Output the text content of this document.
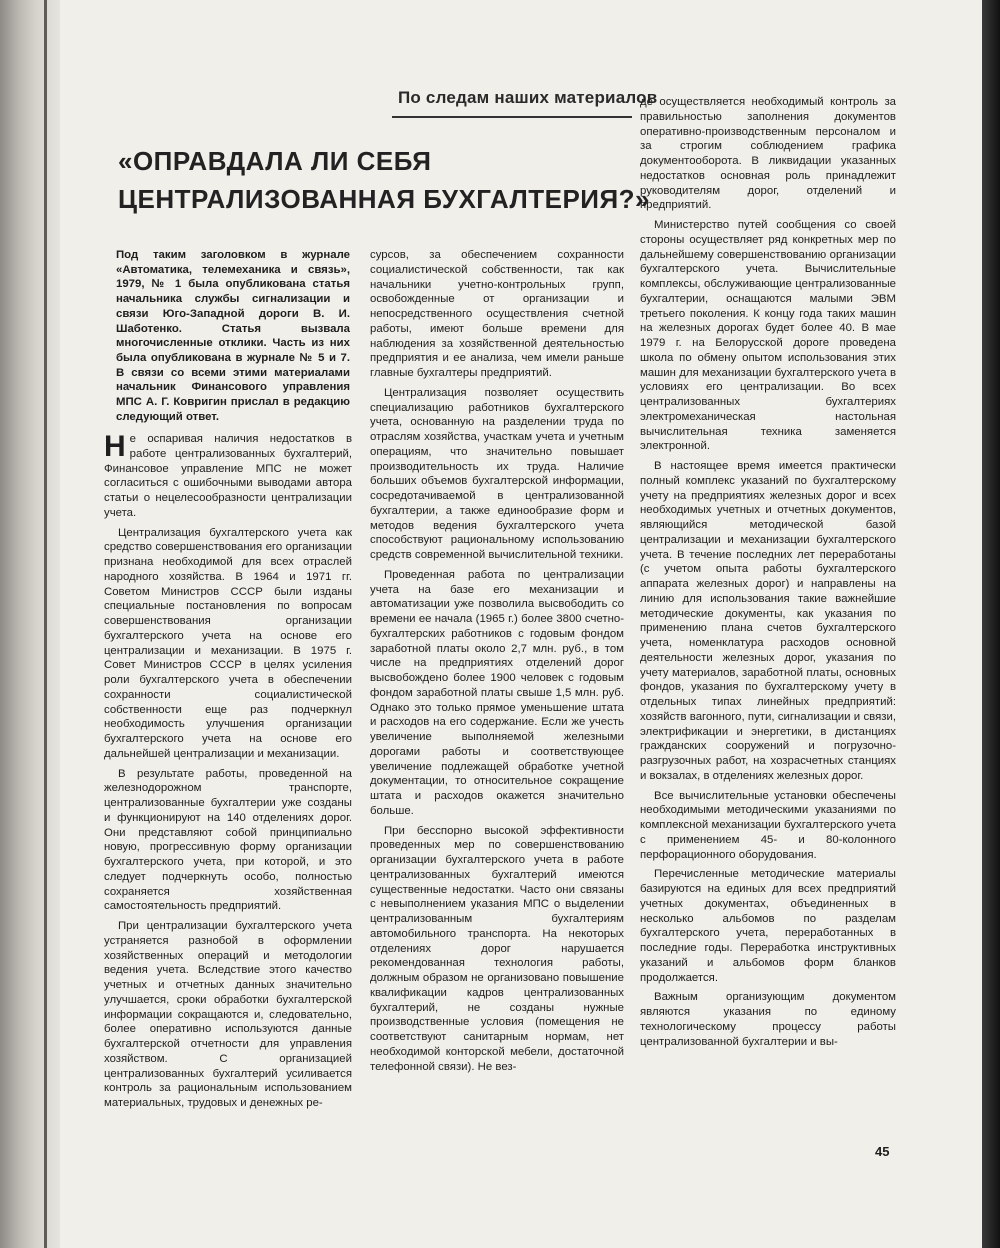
По следам наших материалов
«ОПРАВДАЛА ЛИ СЕБЯ
ЦЕНТРАЛИЗОВАННАЯ БУХГАЛТЕРИЯ?»

Под таким заголовком в журнале «Автоматика, телемеханика и связь», 1979, № 1 была опубликована статья начальника службы сигнализации и связи Юго-Западной дороги В. И. Шаботенко. Статья вызвала многочисленные отклики. Часть из них была опубликована в журнале № 5 и 7. В связи со всеми этими материалами начальник Финансового управления МПС А. Г. Ковригин прислал в редакцию следующий ответ.

Не оспаривая наличия недостатков в работе централизованных бухгалтерий, Финансовое управление МПС не может согласиться с ошибочными выводами автора статьи о нецелесообразности централизации учета.

Централизация бухгалтерского учета как средство совершенствования его организации признана необходимой для всех отраслей народного хозяйства. В 1964 и 1971 гг. Советом Министров СССР были изданы специальные постановления по вопросам совершенствования организации бухгалтерского учета на основе его централизации и механизации. В 1975 г. Совет Министров СССР в целях усиления роли бухгалтерского учета в обеспечении сохранности социалистической собственности еще раз подчеркнул необходимость улучшения организации бухгалтерского учета на основе его дальнейшей централизации и механизации.

В результате работы, проведенной на железнодорожном транспорте, централизованные бухгалтерии уже созданы и функционируют на 140 отделениях дорог. Они представляют собой принципиально новую, прогрессивную форму организации бухгалтерского учета, при которой, и это следует подчеркнуть особо, полностью сохраняется хозяйственная самостоятельность предприятий.

При централизации бухгалтерского учета устраняется разнобой в оформлении хозяйственных операций и методологии ведения учета. Вследствие этого качество учетных и отчетных данных значительно улучшается, сроки обработки бухгалтерской информации сокращаются и, следовательно, более оперативно используются данные бухгалтерской отчетности для управления хозяйством. С организацией централизованных бухгалтерий усиливается контроль за рациональным использованием материальных, трудовых и денежных ре-

сурсов, за обеспечением сохранности социалистической собственности, так как начальники учетно-контрольных групп, освобожденные от организации и непосредственного осуществления счетной работы, имеют больше времени для наблюдения за хозяйственной деятельностью предприятия и ее анализа, чем имели раньше главные бухгалтеры предприятий.

Централизация позволяет осуществить специализацию работников бухгалтерского учета, основанную на разделении труда по отраслям хозяйства, участкам учета и учетным операциям, что значительно повышает производительность их труда. Наличие больших объемов бухгалтерской информации, сосредотачиваемой в централизованной бухгалтерии, а также единообразие форм и методов ведения бухгалтерского учета способствуют рациональному использованию средств современной вычислительной техники.

Проведенная работа по централизации учета на базе его механизации и автоматизации уже позволила высвободить со времени ее начала (1965 г.) более 3800 счетно-бухгалтерских работников с годовым фондом заработной платы около 2,7 млн. руб., в том числе на предприятиях отделений дорог высвобождено более 1900 человек с годовым фондом заработной платы свыше 1,5 млн. руб. Однако это только прямое уменьшение штата и расходов на его содержание. Если же учесть увеличение выполняемой железными дорогами работы и соответствующее увеличение подлежащей обработке учетной документации, то относительное сокращение штата и расходов окажется значительно больше.

При бесспорно высокой эффективности проведенных мер по совершенствованию организации бухгалтерского учета в работе централизованных бухгалтерий имеются существенные недостатки. Часто они связаны с невыполнением указания МПС о выделении централизованным бухгалтериям автомобильного транспорта. На некоторых отделениях дорог нарушается рекомендованная технология работы, должным образом не организовано повышение квалификации кадров централизованных бухгалтерий, не созданы нужные производственные условия (помещения не соответствуют санитарным нормам, нет необходимой конторской мебели, достаточной телефонной связи). Не вез-

де осуществляется необходимый контроль за правильностью заполнения документов оперативно-производственным персоналом и за строгим соблюдением графика документооборота. В ликвидации указанных недостатков основная роль принадлежит руководителям дорог, отделений и предприятий.

Министерство путей сообщения со своей стороны осуществляет ряд конкретных мер по дальнейшему совершенствованию организации бухгалтерского учета. Вычислительные комплексы, обслуживающие централизованные бухгалтерии, оснащаются малыми ЭВМ третьего поколения. К концу года таких машин на железных дорогах будет более 40. В мае 1979 г. на Белорусской дороге проведена школа по обмену опытом использования этих машин для механизации бухгалтерского учета в условиях его централизации. Во всех централизованных бухгалтериях электромеханическая настольная вычислительная техника заменяется электронной.

В настоящее время имеется практически полный комплекс указаний по бухгалтерскому учету на предприятиях железных дорог и всех необходимых учетных и отчетных документов, являющийся методической базой централизации и механизации бухгалтерского учета. В течение последних лет переработаны (с учетом опыта работы бухгалтерского аппарата железных дорог) и направлены на линию для использования такие важнейшие методические документы, как указания по применению плана счетов бухгалтерского учета, номенклатура расходов основной деятельности железных дорог, указания по учету материалов, заработной платы, основных фондов, указания по бухгалтерскому учету в отдельных типах линейных предприятий: хозяйств вагонного, пути, сигнализации и связи, электрификации и энергетики, в дистанциях гражданских сооружений и погрузочно-разгрузочных работ, на хозрасчетных станциях и вокзалах, в отделениях железных дорог.

Все вычислительные установки обеспечены необходимыми методическими указаниями по комплексной механизации бухгалтерского учета с применением 45- и 80-колонного перфорационного оборудования.

Перечисленные методические материалы базируются на единых для всех предприятий учетных документах, объединенных в несколько альбомов по разделам бухгалтерского учета, переработанных в последние годы. Переработка инструктивных указаний и альбомов форм бланков продолжается.

Важным организующим документом являются указания по единому технологическому процессу работы централизованной бухгалтерии и вы-

45
